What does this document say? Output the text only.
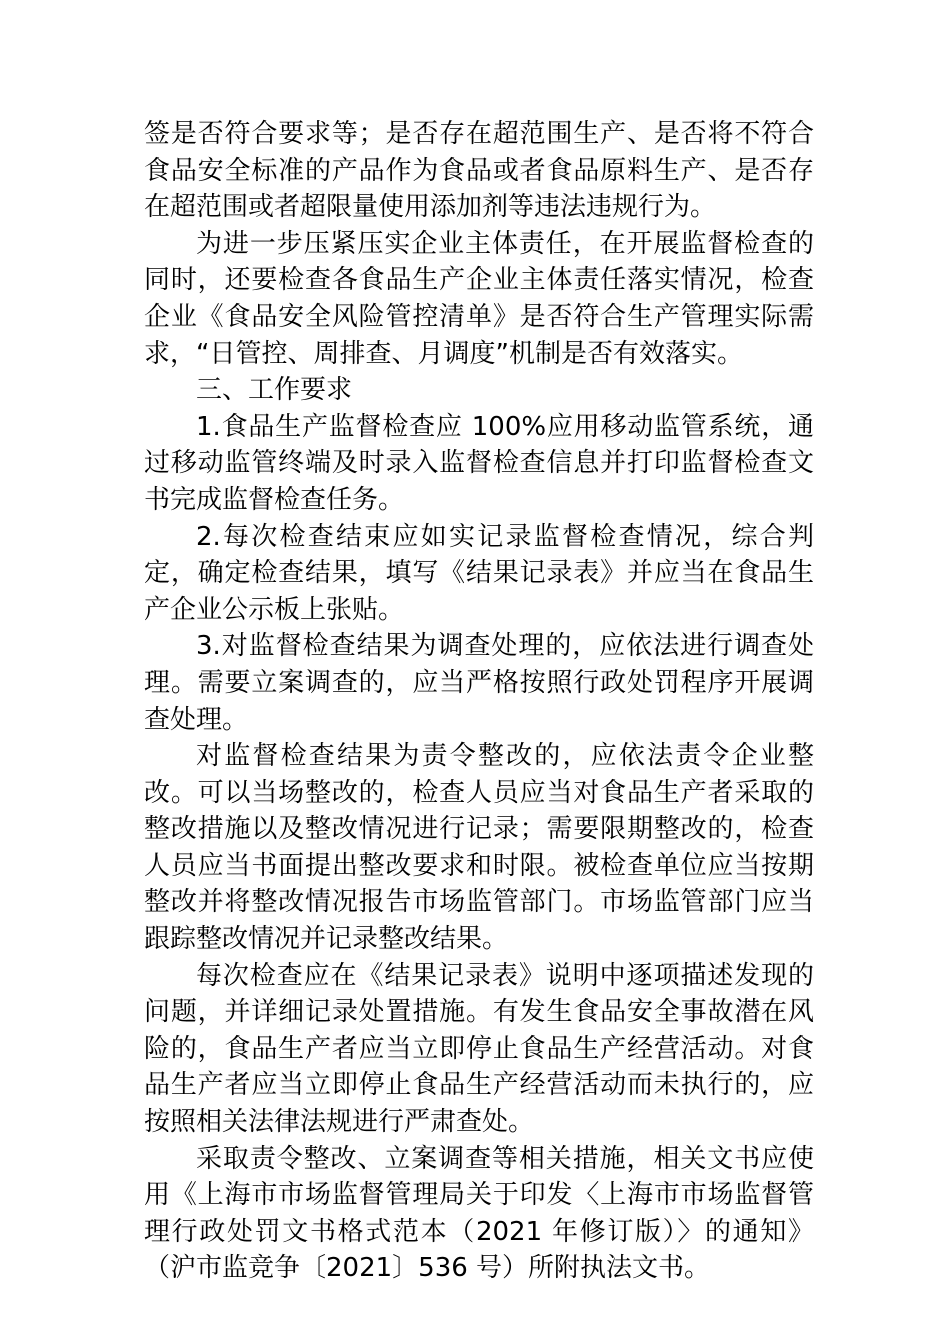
签是否符合要求等；是否存在超范围生产、是否将不符合食品安全标准的产品作为食品或者食品原料生产、是否存在超范围或者超限量使用添加剂等违法违规行为。

为进一步压紧压实企业主体责任，在开展监督检查的同时，还要检查各食品生产企业主体责任落实情况，检查企业《食品安全风险管控清单》是否符合生产管理实际需求，“日管控、周排查、月调度”机制是否有效落实。

三、工作要求

1.食品生产监督检查应 100%应用移动监管系统，通过移动监管终端及时录入监督检查信息并打印监督检查文书完成监督检查任务。

2.每次检查结束应如实记录监督检查情况，综合判定，确定检查结果，填写《结果记录表》并应当在食品生产企业公示板上张贴。

3.对监督检查结果为调查处理的，应依法进行调查处理。需要立案调查的，应当严格按照行政处罚程序开展调查处理。

对监督检查结果为责令整改的，应依法责令企业整改。可以当场整改的，检查人员应当对食品生产者采取的整改措施以及整改情况进行记录；需要限期整改的，检查人员应当书面提出整改要求和时限。被检查单位应当按期整改并将整改情况报告市场监管部门。市场监管部门应当跟踪整改情况并记录整改结果。

每次检查应在《结果记录表》说明中逐项描述发现的问题，并详细记录处置措施。有发生食品安全事故潜在风险的，食品生产者应当立即停止食品生产经营活动。对食品生产者应当立即停止食品生产经营活动而未执行的，应按照相关法律法规进行严肃查处。

采取责令整改、立案调查等相关措施，相关文书应使用《上海市市场监督管理局关于印发〈上海市市场监督管理行政处罚文书格式范本（2021 年修订版）〉的通知》（沪市监竞争〔2021〕536 号）所附执法文书。
